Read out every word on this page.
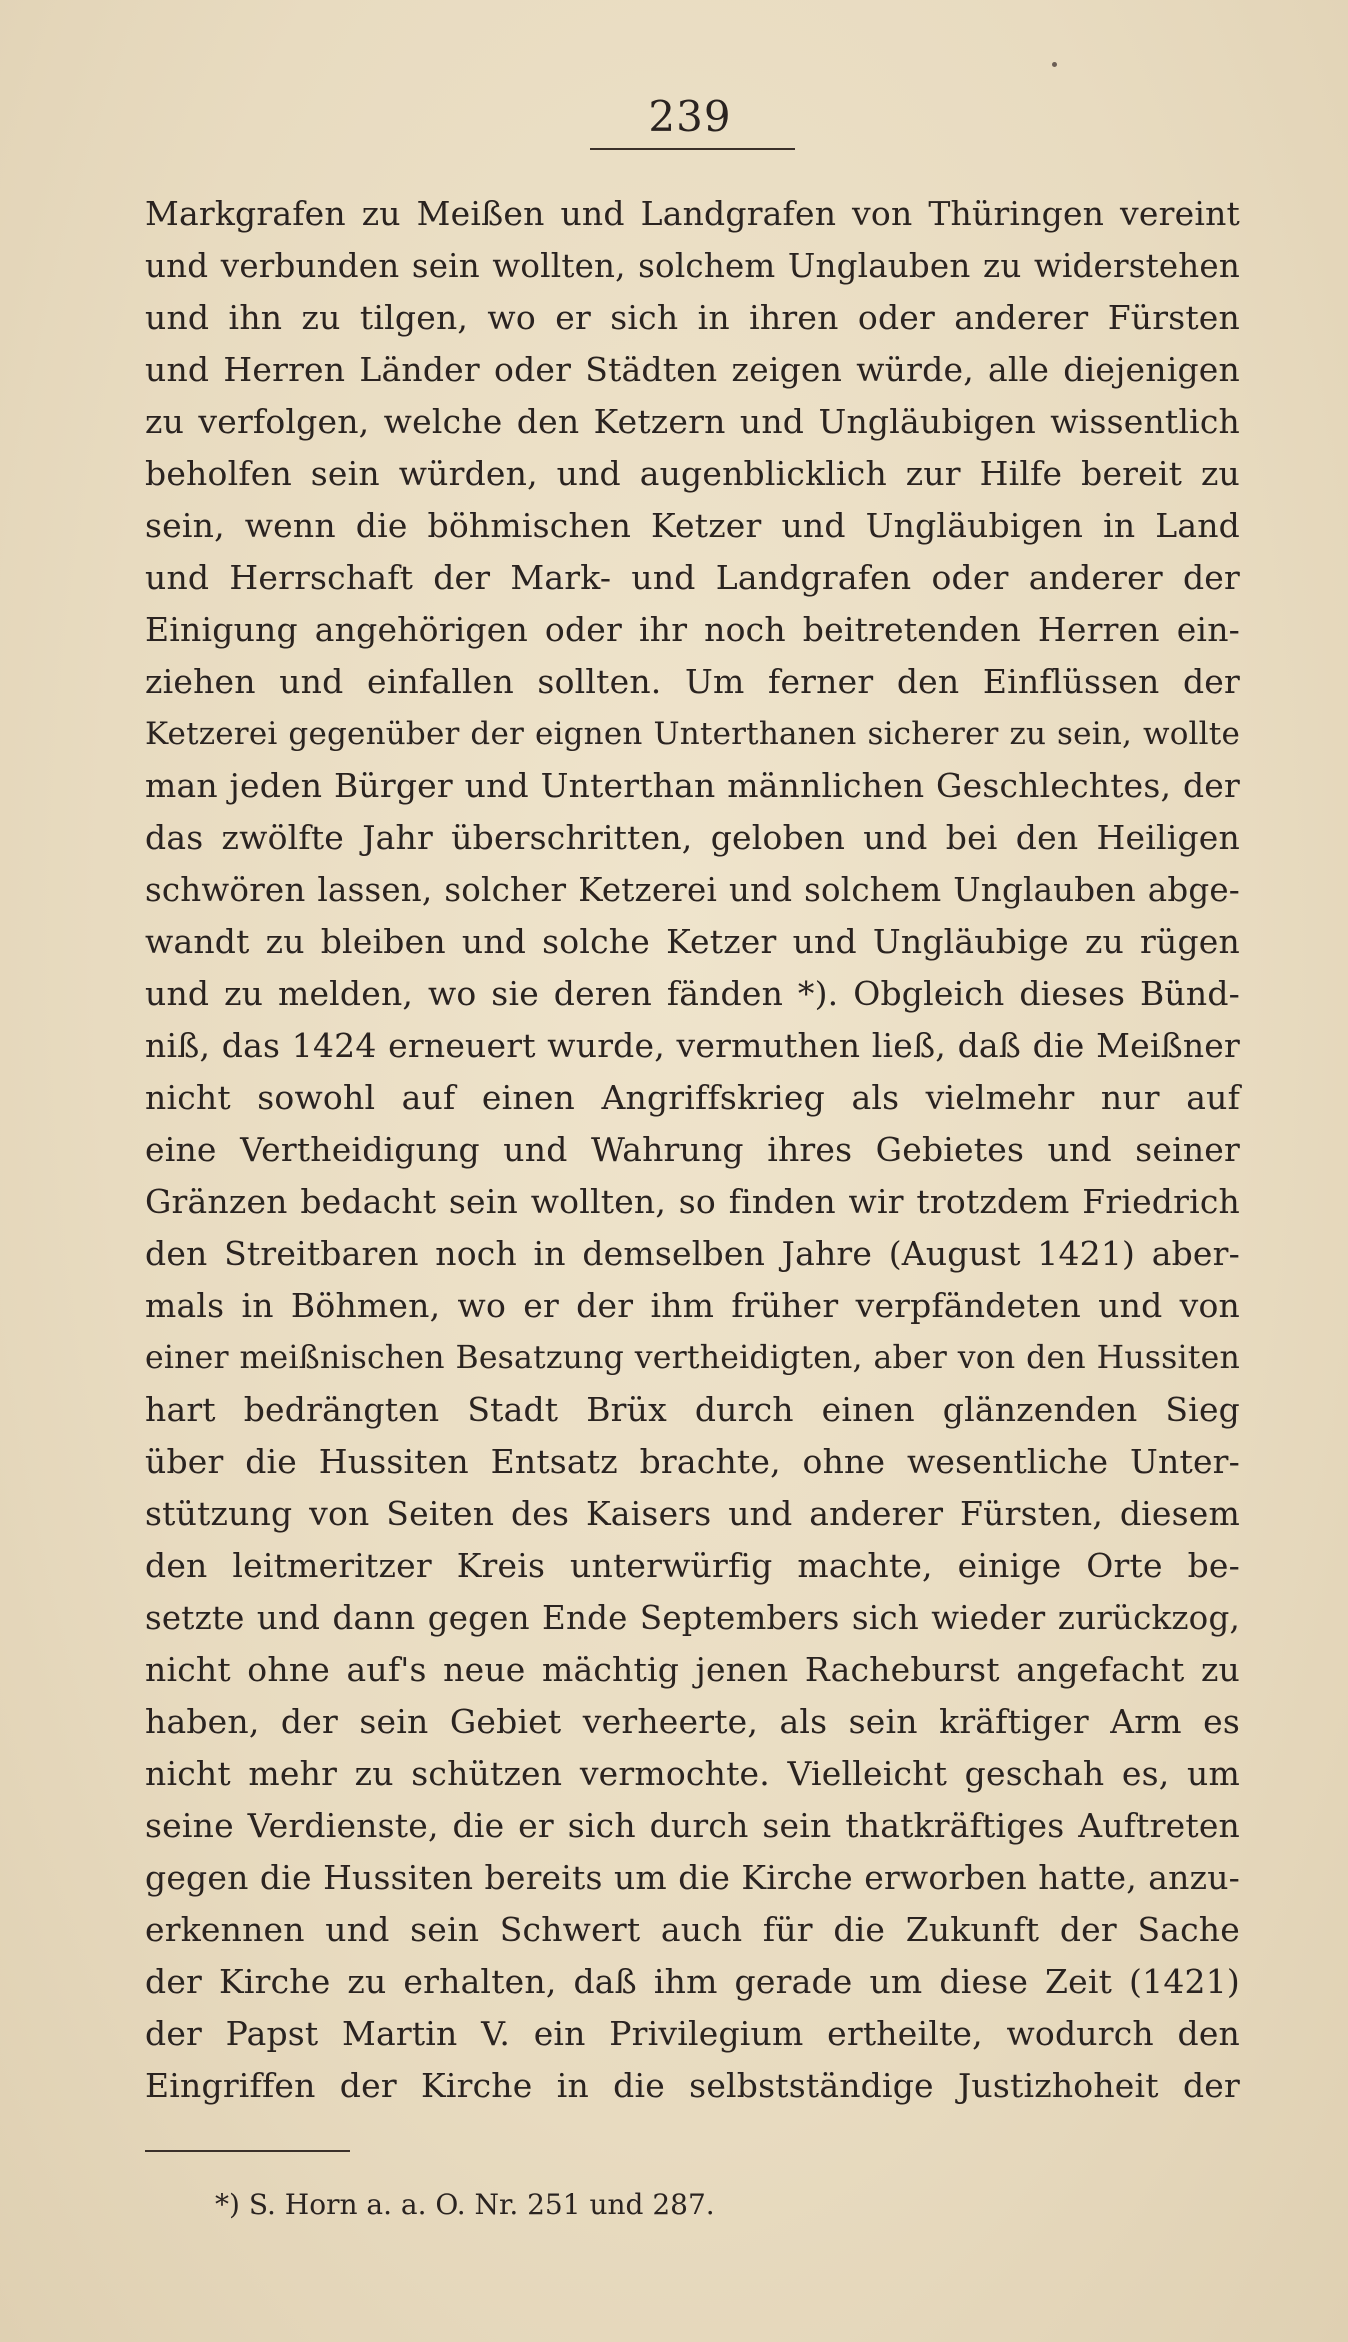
239
Markgrafen zu Meißen und Landgrafen von Thüringen vereint
und verbunden sein wollten, solchem Unglauben zu widerstehen
und ihn zu tilgen, wo er sich in ihren oder anderer Fürsten
und Herren Länder oder Städten zeigen würde, alle diejenigen
zu verfolgen, welche den Ketzern und Ungläubigen wissentlich
beholfen sein würden, und augenblicklich zur Hilfe bereit zu
sein, wenn die böhmischen Ketzer und Ungläubigen in Land
und Herrschaft der Mark- und Landgrafen oder anderer der
Einigung angehörigen oder ihr noch beitretenden Herren ein-
ziehen und einfallen sollten. Um ferner den Einflüssen der
Ketzerei gegenüber der eignen Unterthanen sicherer zu sein, wollte
man jeden Bürger und Unterthan männlichen Geschlechtes, der
das zwölfte Jahr überschritten, geloben und bei den Heiligen
schwören lassen, solcher Ketzerei und solchem Unglauben abge-
wandt zu bleiben und solche Ketzer und Ungläubige zu rügen
und zu melden, wo sie deren fänden *). Obgleich dieses Bünd-
niß, das 1424 erneuert wurde, vermuthen ließ, daß die Meißner
nicht sowohl auf einen Angriffskrieg als vielmehr nur auf
eine Vertheidigung und Wahrung ihres Gebietes und seiner
Gränzen bedacht sein wollten, so finden wir trotzdem Friedrich
den Streitbaren noch in demselben Jahre (August 1421) aber-
mals in Böhmen, wo er der ihm früher verpfändeten und von
einer meißnischen Besatzung vertheidigten, aber von den Hussiten
hart bedrängten Stadt Brüx durch einen glänzenden Sieg
über die Hussiten Entsatz brachte, ohne wesentliche Unter-
stützung von Seiten des Kaisers und anderer Fürsten, diesem
den leitmeritzer Kreis unterwürfig machte, einige Orte be-
setzte und dann gegen Ende Septembers sich wieder zurückzog,
nicht ohne auf's neue mächtig jenen Racheburst angefacht zu
haben, der sein Gebiet verheerte, als sein kräftiger Arm es
nicht mehr zu schützen vermochte. Vielleicht geschah es, um
seine Verdienste, die er sich durch sein thatkräftiges Auftreten
gegen die Hussiten bereits um die Kirche erworben hatte, anzu-
erkennen und sein Schwert auch für die Zukunft der Sache
der Kirche zu erhalten, daß ihm gerade um diese Zeit (1421)
der Papst Martin V. ein Privilegium ertheilte, wodurch den
Eingriffen der Kirche in die selbstständige Justizhoheit der
*) S. Horn a. a. O. Nr. 251 und 287.
